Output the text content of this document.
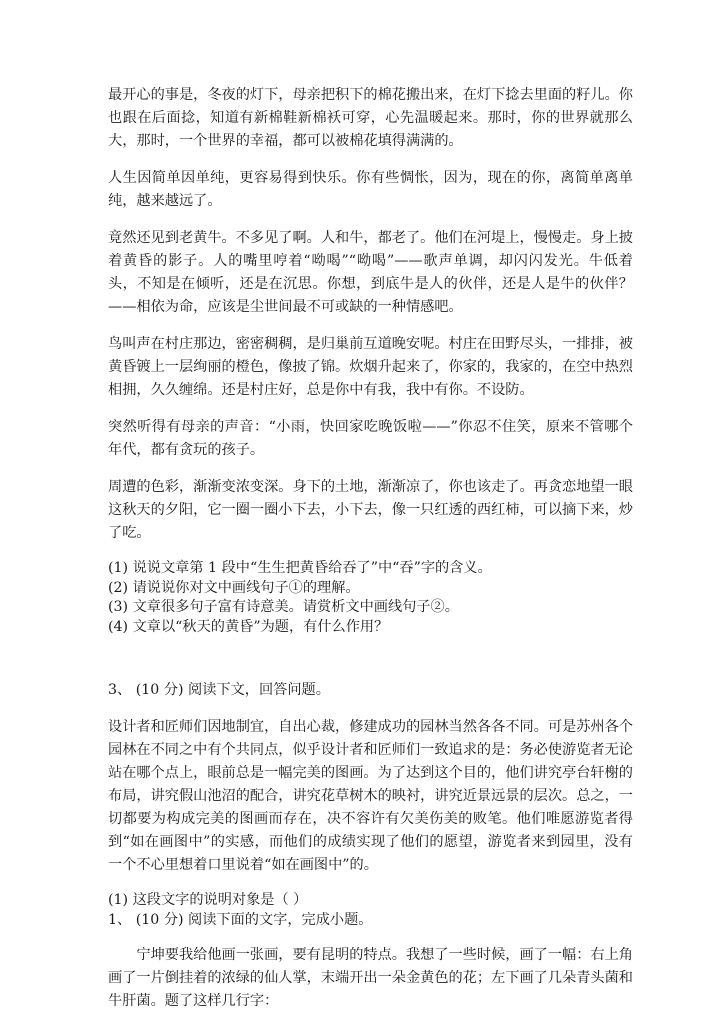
最开心的事是，冬夜的灯下，母亲把积下的棉花搬出来，在灯下捻去里面的籽儿。你也跟在后面捻，知道有新棉鞋新棉袄可穿，心先温暖起来。那时，你的世界就那么大，那时，一个世界的幸福，都可以被棉花填得满满的。

人生因简单因单纯，更容易得到快乐。你有些惆怅，因为，现在的你，离简单离单纯，越来越远了。

竟然还见到老黄牛。不多见了啊。人和牛，都老了。他们在河堤上，慢慢走。身上披着黄昏的影子。人的嘴里哼着“呦喝”“呦喝”——歌声单调，却闪闪发光。牛低着头，不知是在倾听，还是在沉思。你想，到底牛是人的伙伴，还是人是牛的伙伴？——相依为命，应该是尘世间最不可或缺的一种情感吧。

鸟叫声在村庄那边，密密稠稠，是归巢前互道晚安呢。村庄在田野尽头，一排排，被黄昏镀上一层绚丽的橙色，像披了锦。炊烟升起来了，你家的，我家的，在空中热烈相拥，久久缠绵。还是村庄好，总是你中有我，我中有你。不设防。

突然听得有母亲的声音：“小雨，快回家吃晚饭啦——”你忍不住笑，原来不管哪个年代，都有贪玩的孩子。

周遭的色彩，渐渐变浓变深。身下的土地，渐渐凉了，你也该走了。再贪恋地望一眼这秋天的夕阳，它一圈一圈小下去，小下去，像一只红透的西红柿，可以摘下来，炒了吃。

(1) 说说文章第 1 段中“生生把黄昏给吞了”中“吞”字的含义。

(2) 请说说你对文中画线句子①的理解。

(3) 文章很多句子富有诗意美。请赏析文中画线句子②。

(4) 文章以“秋天的黄昏”为题，有什么作用？

3、 (10 分) 阅读下文，回答问题。

设计者和匠师们因地制宜，自出心裁，修建成功的园林当然各各不同。可是苏州各个园林在不同之中有个共同点，似乎设计者和匠师们一致追求的是：务必使游览者无论站在哪个点上，眼前总是一幅完美的图画。为了达到这个目的，他们讲究亭台轩榭的布局，讲究假山池沼的配合，讲究花草树木的映衬，讲究近景远景的层次。总之，一切都要为构成完美的图画而存在，决不容许有欠美伤美的败笔。他们唯愿游览者得到“如在画图中”的实感，而他们的成绩实现了他们的愿望，游览者来到园里，没有一个不心里想着口里说着“如在画图中”的。

(1) 这段文字的说明对象是（ ）

1、 (10 分) 阅读下面的文字，完成小题。

宁坤要我给他画一张画，要有昆明的特点。我想了一些时候，画了一幅：右上角画了一片倒挂着的浓绿的仙人掌，末端开出一朵金黄色的花；左下画了几朵青头菌和牛肝菌。题了这样几行字：
